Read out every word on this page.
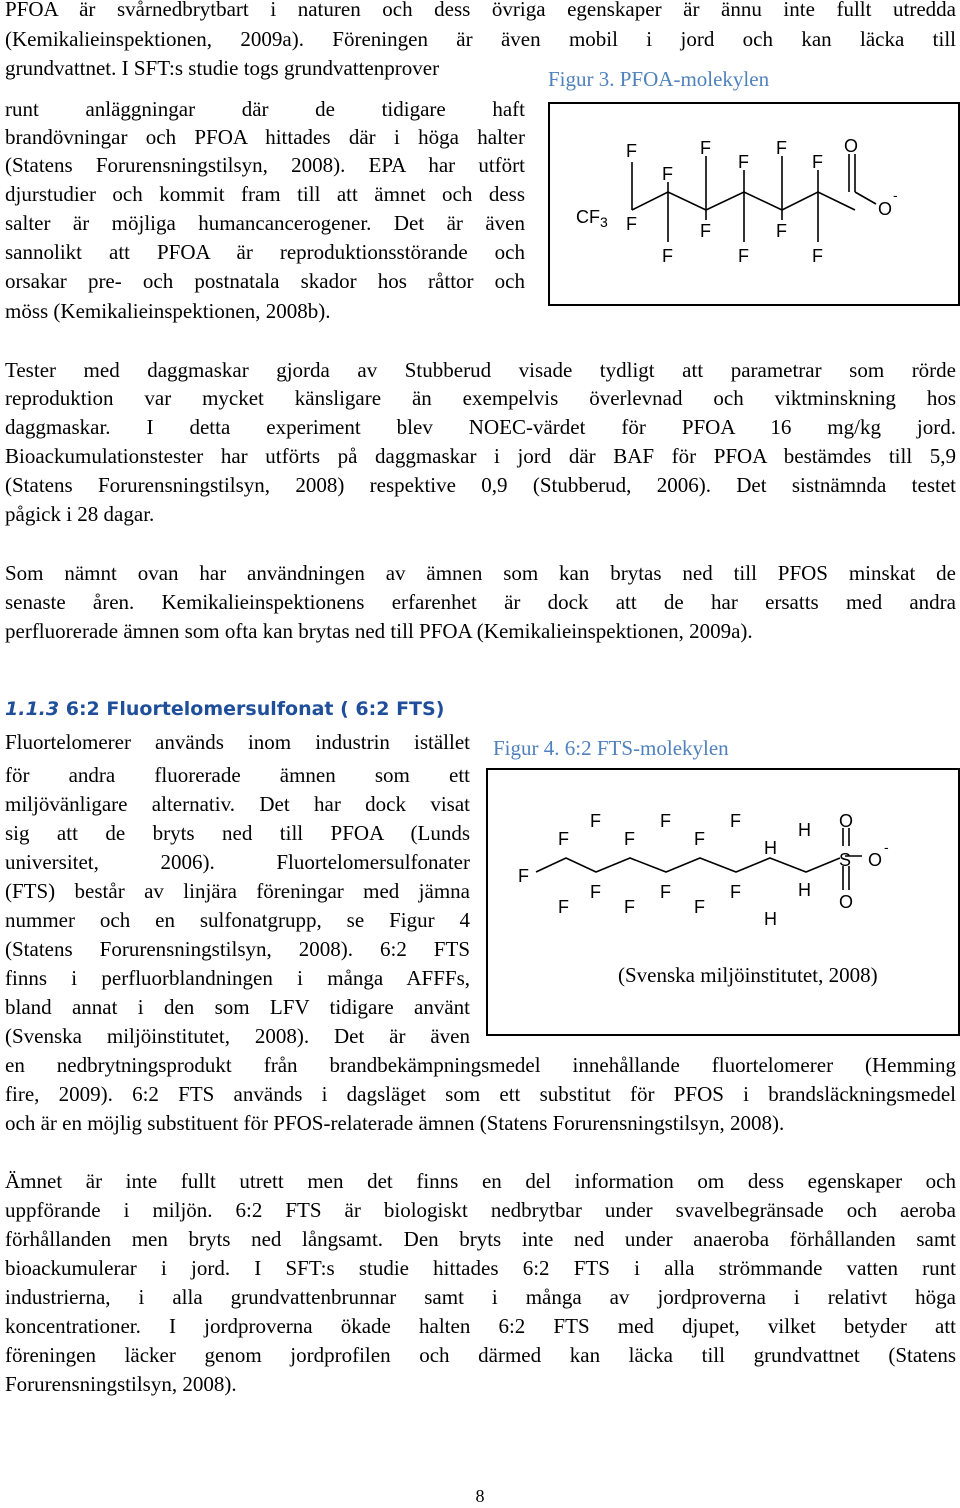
PFOA är svårnedbrytbart i naturen och dess övriga egenskaper är ännu inte fullt utredda
(Kemikalieinspektionen, 2009a). Föreningen är även mobil i jord och kan läcka till
grundvattnet. I SFT:s studie togs grundvattenprover
runt anläggningar där de tidigare haft
brandövningar och PFOA hittades där i höga halter
(Statens Forurensningstilsyn, 2008). EPA har utfört
djurstudier och kommit fram till att ämnet och dess
salter är möjliga humancancerogener. Det är även
sannolikt att PFOA är reproduktionsstörande och
orsakar pre- och postnatala skador hos råttor och
möss (Kemikalieinspektionen, 2008b).
Figur 3. PFOA-molekylen
$CF_3$
F
F
F
F
F
F
F
F
F
F
F
F
O
O
-
Tester med daggmaskar gjorda av Stubberud visade tydligt att parametrar som rörde
reproduktion var mycket känsligare än exempelvis överlevnad och viktminskning hos
daggmaskar. I detta experiment blev NOEC-värdet för PFOA 16 mg/kg jord.
Bioackumulationstester har utförts på daggmaskar i jord där BAF för PFOA bestämdes till 5,9
(Statens Forurensningstilsyn, 2008) respektive 0,9 (Stubberud, 2006). Det sistnämnda testet
pågick i 28 dagar.
Som nämnt ovan har användningen av ämnen som kan brytas ned till PFOS minskat de
senaste åren. Kemikalieinspektionens erfarenhet är dock att de har ersatts med andra
perfluorerade ämnen som ofta kan brytas ned till PFOA (Kemikalieinspektionen, 2009a).
1.1.3 6:2 Fluortelomersulfonat ( 6:2 FTS)
Fluortelomerer används inom industrin istället
för andra fluorerade ämnen som ett
miljövänligare alternativ. Det har dock visat
sig att de bryts ned till PFOA (Lunds
universitet, 2006). Fluortelomersulfonater
(FTS) består av linjära föreningar med jämna
nummer och en sulfonatgrupp, se Figur 4
(Statens Forurensningstilsyn, 2008). 6:2 FTS
finns i perfluorblandningen i många AFFFs,
bland annat i den som LFV tidigare använt
(Svenska miljöinstitutet, 2008). Det är även
Figur 4. 6:2 FTS-molekylen
F
F
F
F
F
F
F
F
F
F
F
F
F
H
H
H
H
O
S
O
O
-
(Svenska miljöinstitutet, 2008)
en nedbrytningsprodukt från brandbekämpningsmedel innehållande fluortelomerer (Hemming
fire, 2009). 6:2 FTS används i dagsläget som ett substitut för PFOS i brandsläckningsmedel
och är en möjlig substituent för PFOS-relaterade ämnen (Statens Forurensningstilsyn, 2008).
Ämnet är inte fullt utrett men det finns en del information om dess egenskaper och
uppförande i miljön. 6:2 FTS är biologiskt nedbrytbar under svavelbegränsade och aeroba
förhållanden men bryts ned långsamt. Den bryts inte ned under anaeroba förhållanden samt
bioackumulerar i jord. I SFT:s studie hittades 6:2 FTS i alla strömmande vatten runt
industrierna, i alla grundvattenbrunnar samt i många av jordproverna i relativt höga
koncentrationer. I jordproverna ökade halten 6:2 FTS med djupet, vilket betyder att
föreningen läcker genom jordprofilen och därmed kan läcka till grundvattnet (Statens
Forurensningstilsyn, 2008).
8
